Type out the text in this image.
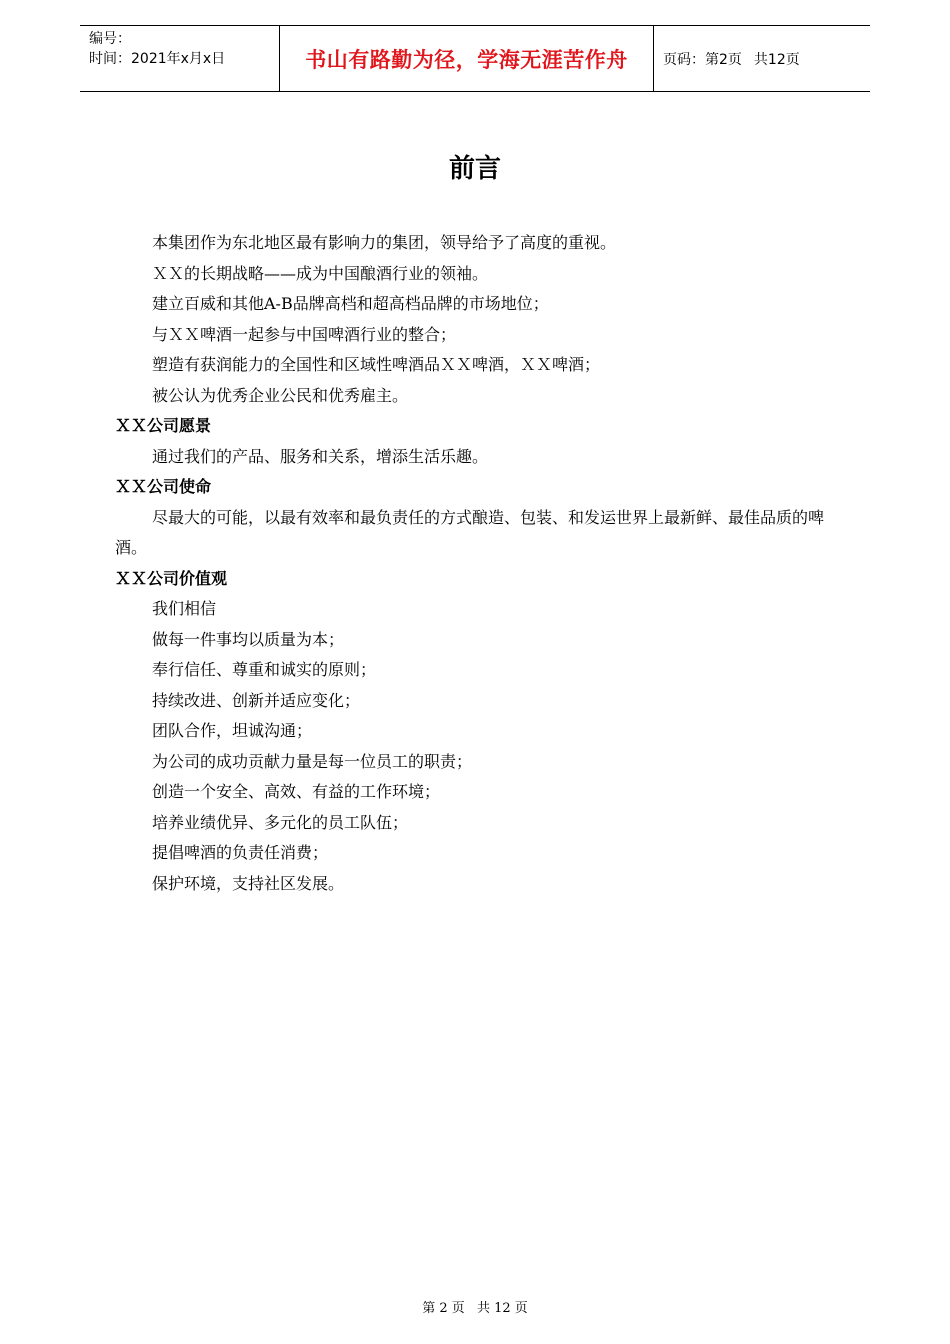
编号：
时间：2021年x月x日	书山有路勤为径，学海无涯苦作舟	页码：第2页 共12页
前言

本集团作为东北地区最有影响力的集团，领导给予了高度的重视。

ＸＸ的长期战略——成为中国酿酒行业的领袖。

建立百威和其他A-B品牌高档和超高档品牌的市场地位；

与ＸＸ啤酒一起参与中国啤酒行业的整合；

塑造有获润能力的全国性和区域性啤酒品ＸＸ啤酒，ＸＸ啤酒；

被公认为优秀企业公民和优秀雇主。

ＸＸ公司愿景

通过我们的产品、服务和关系，增添生活乐趣。

ＸＸ公司使命

尽最大的可能，以最有效率和最负责任的方式酿造、包装、和发运世界上最新鲜、最佳品质的啤酒。

ＸＸ公司价值观

我们相信

做每一件事均以质量为本；

奉行信任、尊重和诚实的原则；

持续改进、创新并适应变化；

团队合作，坦诚沟通；

为公司的成功贡献力量是每一位员工的职责；

创造一个安全、高效、有益的工作环境；

培养业绩优异、多元化的员工队伍；

提倡啤酒的负责任消费；

保护环境，支持社区发展。

第 2 页 共 12 页
